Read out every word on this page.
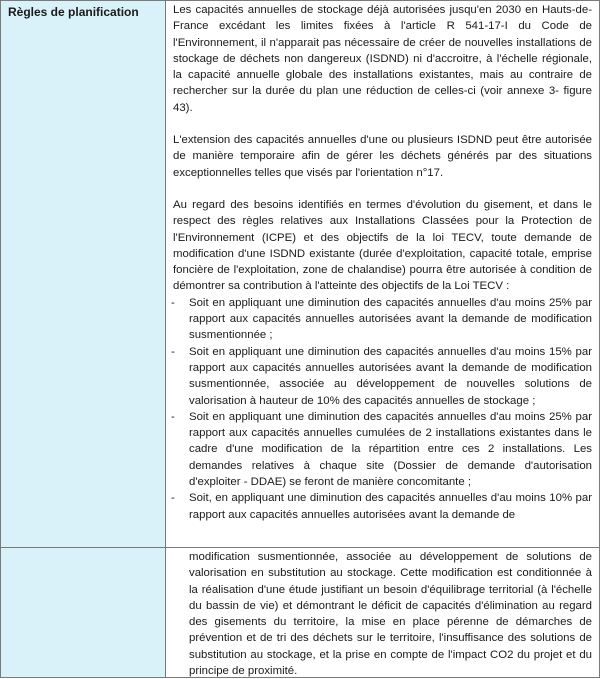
Règles de planification	Les capacités annuelles de stockage déjà autorisées jusqu'en 2030 en Hauts-de-France excédant les limites fixées à l'article R 541-17-I du Code de l'Environnement, il n'apparait pas nécessaire de créer de nouvelles installations de stockage de déchets non dangereux (ISDND) ni d'accroitre, à l'échelle régionale, la capacité annuelle globale des installations existantes, mais au contraire de rechercher sur la durée du plan une réduction de celles-ci (voir annexe 3- figure 43).

L'extension des capacités annuelles d'une ou plusieurs ISDND peut être autorisée de manière temporaire afin de gérer les déchets générés par des situations exceptionnelles telles que visés par l'orientation n°17.

Au regard des besoins identifiés en termes d'évolution du gisement, et dans le respect des règles relatives aux Installations Classées pour la Protection de l'Environnement (ICPE) et des objectifs de la loi TECV, toute demande de modification d'une ISDND existante (durée d'exploitation, capacité totale, emprise foncière de l'exploitation, zone de chalandise) pourra être autorisée à condition de démontrer sa contribution à l'atteinte des objectifs de la Loi TECV :

- Soit en appliquant une diminution des capacités annuelles d'au moins 25% par rapport aux capacités annuelles autorisées avant la demande de modification susmentionnée ;
- Soit en appliquant une diminution des capacités annuelles d'au moins 15% par rapport aux capacités annuelles autorisées avant la demande de modification susmentionnée, associée au développement de nouvelles solutions de valorisation à hauteur de 10% des capacités annuelles de stockage ;
- Soit en appliquant une diminution des capacités annuelles d'au moins 25% par rapport aux capacités annuelles cumulées de 2 installations existantes dans le cadre d'une modification de la répartition entre ces 2 installations. Les demandes relatives à chaque site (Dossier de demande d'autorisation d'exploiter - DDAE) se feront de manière concomitante ;
- Soit, en appliquant une diminution des capacités annuelles d'au moins 10% par rapport aux capacités annuelles autorisées avant la demande de
modification susmentionnée, associée au développement de solutions de valorisation en substitution au stockage. Cette modification est conditionnée à la réalisation d'une étude justifiant un besoin d'équilibrage territorial (à l'échelle du bassin de vie) et démontrant le déficit de capacités d'élimination au regard des gisements du territoire, la mise en place pérenne de démarches de prévention et de tri des déchets sur le territoire, l'insuffisance des solutions de substitution au stockage, et la prise en compte de l'impact CO2 du projet et du principe de proximité.
